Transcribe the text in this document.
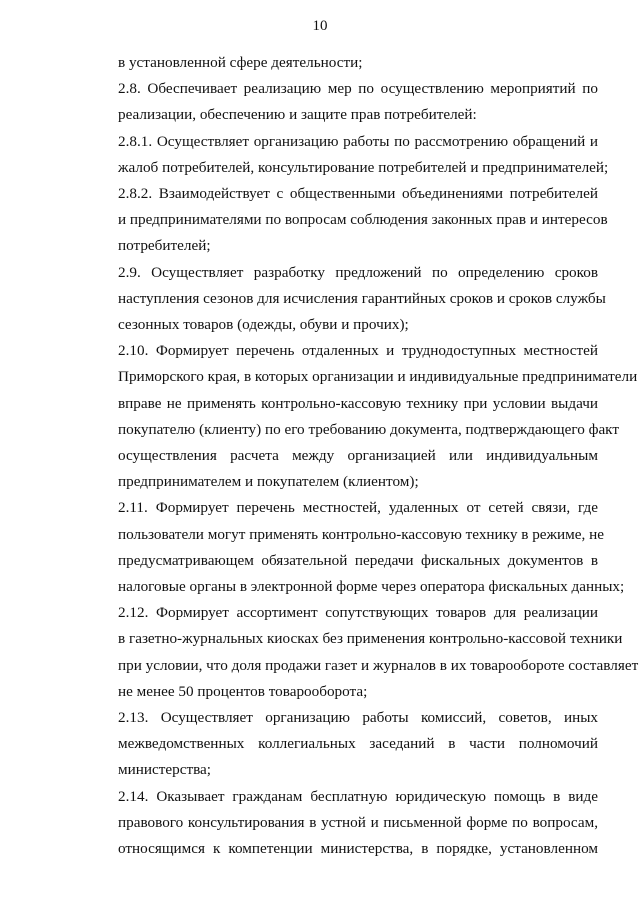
10
в установленной сфере деятельности;
2.8. Обеспечивает реализацию мер по осуществлению мероприятий по
реализации, обеспечению и защите прав потребителей:
2.8.1. Осуществляет организацию работы по рассмотрению обращений и
жалоб потребителей, консультирование потребителей и предпринимателей;
2.8.2. Взаимодействует с общественными объединениями потребителей
и предпринимателями по вопросам соблюдения законных прав и интересов
потребителей;
2.9. Осуществляет разработку предложений по определению сроков
наступления сезонов для исчисления гарантийных сроков и сроков службы
сезонных товаров (одежды, обуви и прочих);
2.10. Формирует перечень отдаленных и труднодоступных местностей
Приморского края, в которых организации и индивидуальные предприниматели
вправе не применять контрольно-кассовую технику при условии выдачи
покупателю (клиенту) по его требованию документа, подтверждающего факт
осуществления расчета между организацией или индивидуальным
предпринимателем и покупателем (клиентом);
2.11. Формирует перечень местностей, удаленных от сетей связи, где
пользователи могут применять контрольно-кассовую технику в режиме, не
предусматривающем обязательной передачи фискальных документов в
налоговые органы в электронной форме через оператора фискальных данных;
2.12. Формирует ассортимент сопутствующих товаров для реализации
в газетно-журнальных киосках без применения контрольно-кассовой техники
при условии, что доля продажи газет и журналов в их товарообороте составляет
не менее 50 процентов товарооборота;
2.13. Осуществляет организацию работы комиссий, советов, иных
межведомственных коллегиальных заседаний в части полномочий
министерства;
2.14. Оказывает гражданам бесплатную юридическую помощь в виде
правового консультирования в устной и письменной форме по вопросам,
относящимся к компетенции министерства, в порядке, установленном
